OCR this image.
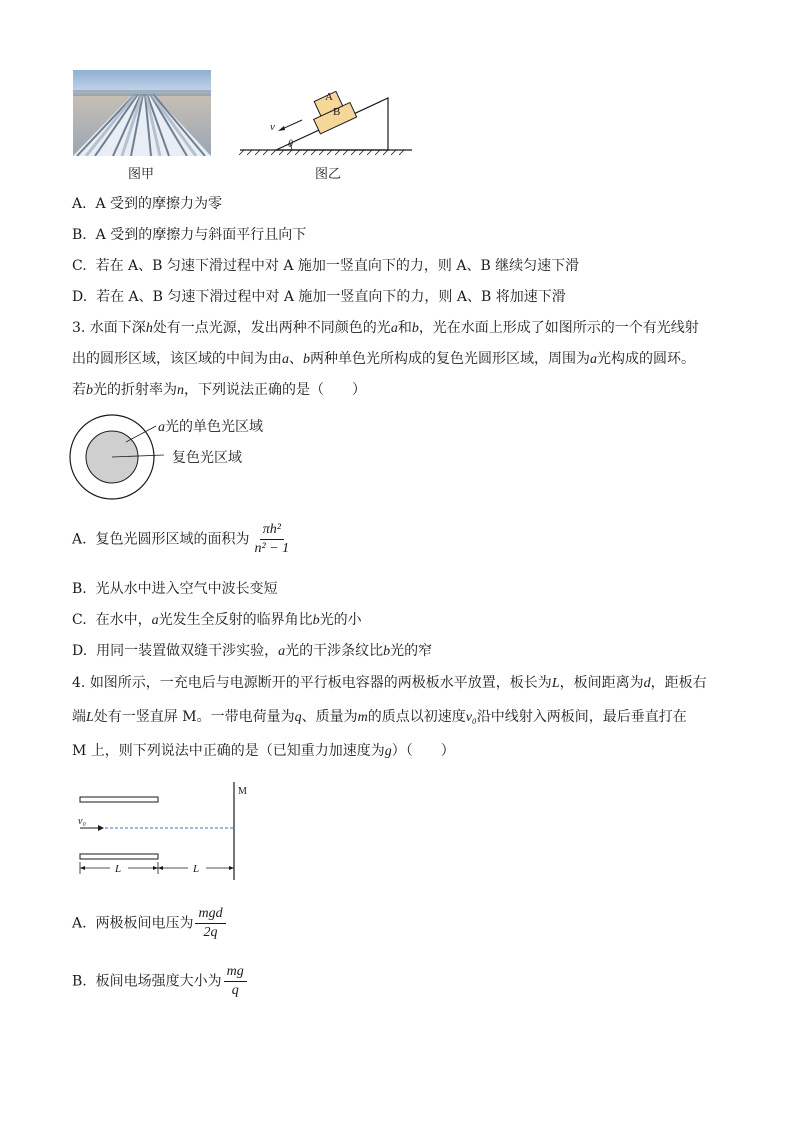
图甲
A
B
v
θ
图乙
A. A 受到的摩擦力为零
B. A 受到的摩擦力与斜面平行且向下
C. 若在 A、B 匀速下滑过程中对 A 施加一竖直向下的力，则 A、B 继续匀速下滑
D. 若在 A、B 匀速下滑过程中对 A 施加一竖直向下的力，则 A、B 将加速下滑
3. 水面下深h处有一点光源，发出两种不同颜色的光a和b，光在水面上形成了如图所示的一个有光线射
出的圆形区域，该区域的中间为由a、b两种单色光所构成的复色光圆形区域，周围为a光构成的圆环。
若b光的折射率为n，下列说法正确的是（　　）
a光的单色光区域
复色光区域
A. 复色光圆形区域的面积为 $\frac{\text{πh²}}{\text{n² − 1}}$
B. 光从水中进入空气中波长变短
C. 在水中，a光发生全反射的临界角比b光的小
D. 用同一装置做双缝干涉实验，a光的干涉条纹比b光的窄
4. 如图所示，一充电后与电源断开的平行板电容器的两极板水平放置，板长为L，板间距离为d，距板右
端L处有一竖直屏 M。一带电荷量为q、质量为m的质点以初速度v₀沿中线射入两板间，最后垂直打在
M 上，则下列说法中正确的是（已知重力加速度为g）（　　）
M
v₀
L	L
A. 两极板间电压为 $\frac{\text{mgd}}{2q}$
B. 板间电场强度大小为 $\frac{mg}{q}$
